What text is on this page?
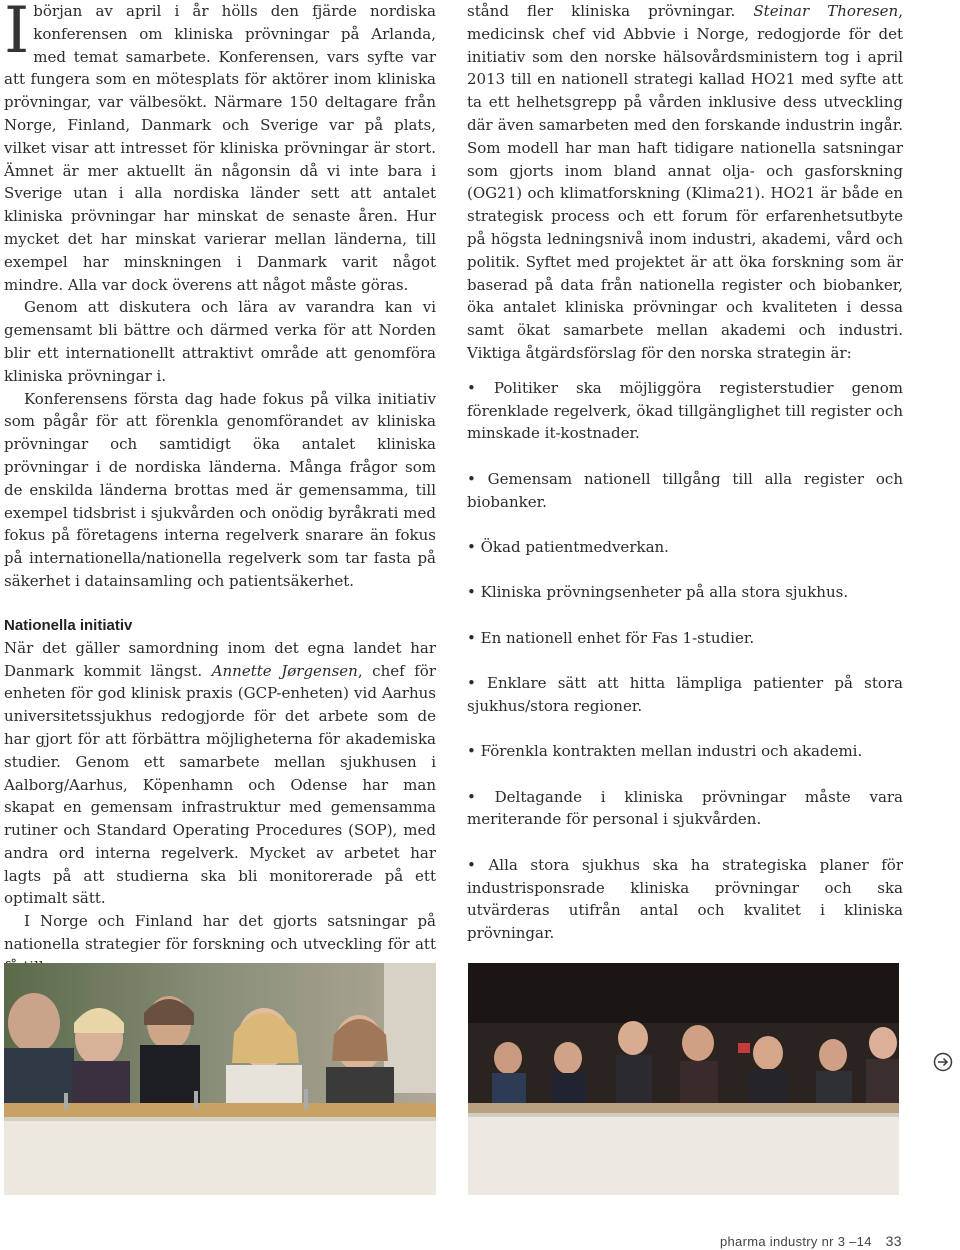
Ibörjan av april i år hölls den fjärde nordiska konferensen om kliniska prövningar på Arlanda, med temat samarbete. Konferensen, vars syfte var att fungera som en mötesplats för aktörer inom kliniska prövningar, var välbesökt. Närmare 150 deltagare från Norge, Finland, Danmark och Sverige var på plats, vilket visar att intresset för kliniska prövningar är stort. Ämnet är mer aktuellt än någonsin då vi inte bara i Sverige utan i alla nordiska länder sett att antalet kliniska prövningar har minskat de senaste åren. Hur mycket det har minskat varierar mellan länderna, till exempel har minskningen i Danmark varit något mindre. Alla var dock överens att något måste göras.

Genom att diskutera och lära av varandra kan vi gemensamt bli bättre och därmed verka för att Norden blir ett internationellt attraktivt område att genomföra kliniska prövningar i.

Konferensens första dag hade fokus på vilka initiativ som pågår för att förenkla genomförandet av kliniska prövningar och samtidigt öka antalet kliniska prövningar i de nordiska länderna. Många frågor som de enskilda länderna brottas med är gemensamma, till exempel tidsbrist i sjukvården och onödig byråkrati med fokus på företagens interna regelverk snarare än fokus på internationella/nationella regelverk som tar fasta på säkerhet i datainsamling och patientsäkerhet.

Nationella initiativ

När det gäller samordning inom det egna landet har Danmark kommit längst. Annette Jørgensen, chef för enheten för god klinisk praxis (GCP-enheten) vid Aarhus universitetssjukhus redogjorde för det arbete som de har gjort för att förbättra möjligheterna för akademiska studier. Genom ett samarbete mellan sjukhusen i Aalborg/Aarhus, Köpenhamn och Odense har man skapat en gemensam infrastruktur med gemensamma rutiner och Standard Operating Procedures (SOP), med andra ord interna regelverk. Mycket av arbetet har lagts på att studierna ska bli monitorerade på ett optimalt sätt.

I Norge och Finland har det gjorts satsningar på nationella strategier för forskning och utveckling för att

stånd fler kliniska prövningar. Steinar Thoresen, medicinsk chef vid Abbvie i Norge, redogjorde för det initiativ som den norske hälsovårdsministern tog i april 2013 till en nationell strategi kallad HO21 med syfte att ta ett helhetsgrepp på vården inklusive dess utveckling där även samarbeten med den forskande industrin ingår. Som modell har man haft tidigare nationella satsningar som gjorts inom bland annat olja- och gasforskning (OG21) och klimatforskning (Klima21). HO21 är både en strategisk process och ett forum för erfarenhetsutbyte på högsta ledningsnivå inom industri, akademi, vård och politik. Syftet med projektet är att öka forskning som är baserad på data från nationella register och biobanker, öka antalet kliniska prövningar och kvaliteten i dessa samt ökat samarbete mellan akademi och industri. Viktiga åtgärdsförslag för den norska strategin är:

• Politiker ska möjliggöra registerstudier genom förenklade regelverk, ökad tillgänglighet till register och minskade it-kostnader.
• Gemensam nationell tillgång till alla register och biobanker.
• Ökad patientmedverkan.
• Kliniska prövningsenheter på alla stora sjukhus.
• En nationell enhet för Fas 1-studier.
• Enklare sätt att hitta lämpliga patienter på stora sjukhus/stora regioner.
• Förenkla kontrakten mellan industri och akademi.
• Deltagande i kliniska prövningar måste vara meriterande för personal i sjukvården.
• Alla stora sjukhus ska ha strategiska planer för industrisponsrade kliniska prövningar och ska utvärderas utifrån antal och kvalitet i kliniska prövningar.
pharma industry nr 3 –14 33
